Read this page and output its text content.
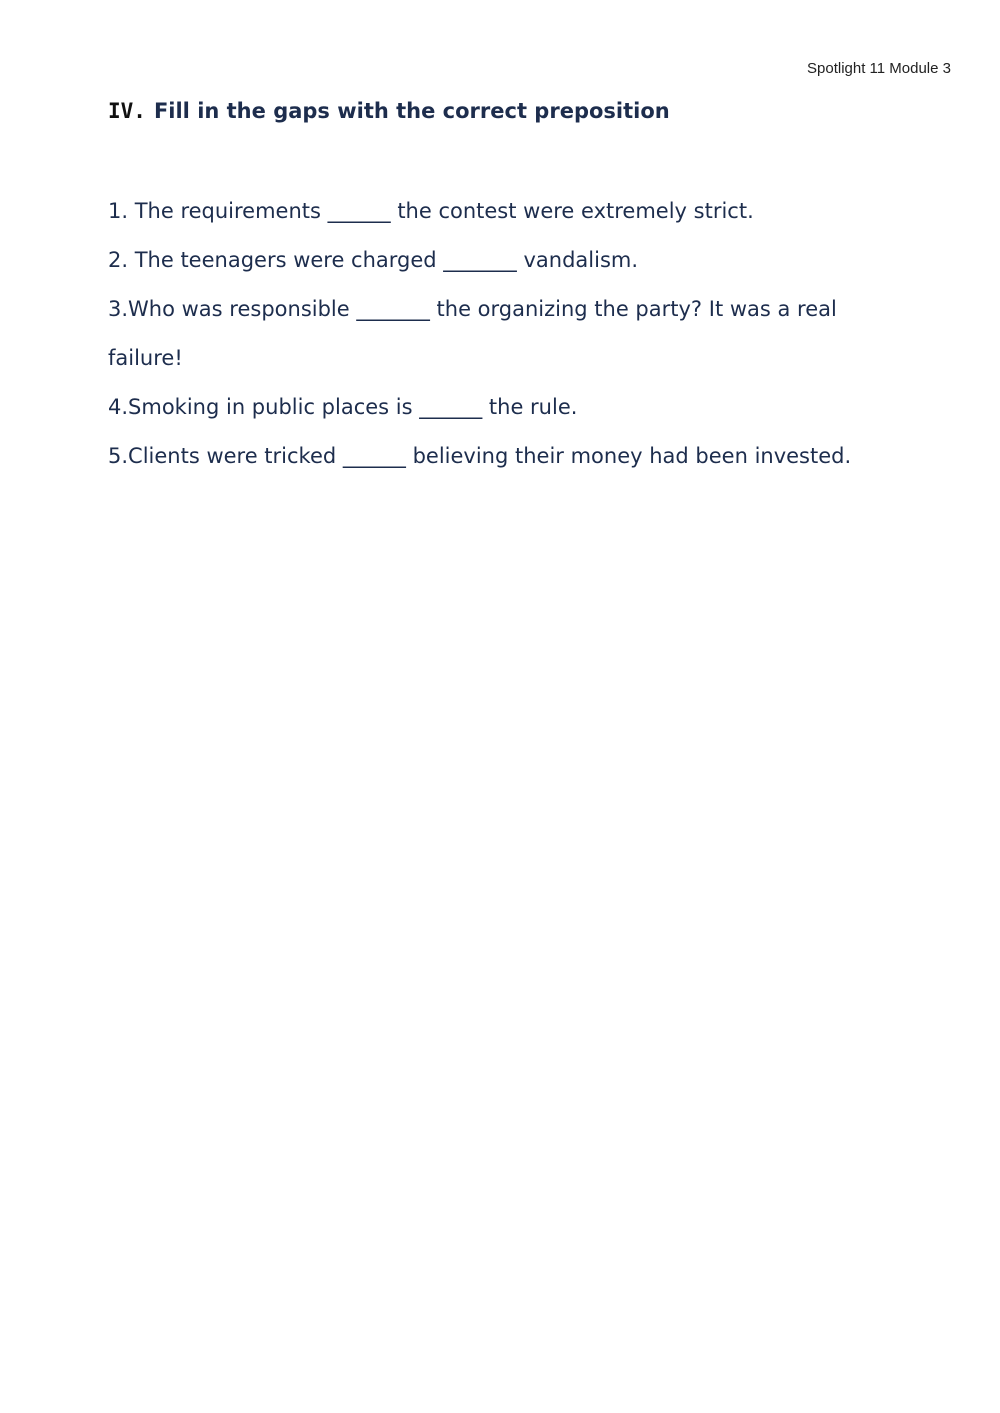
Spotlight 11 Module 3
IV. Fill in the gaps with the correct preposition
1. The requirements ______ the contest were extremely strict.
2. The teenagers were charged _______ vandalism.
3.Who was responsible _______ the organizing the party? It was a real
failure!
4.Smoking in public places is ______ the rule.
5.Clients were tricked ______ believing their money had been invested.
